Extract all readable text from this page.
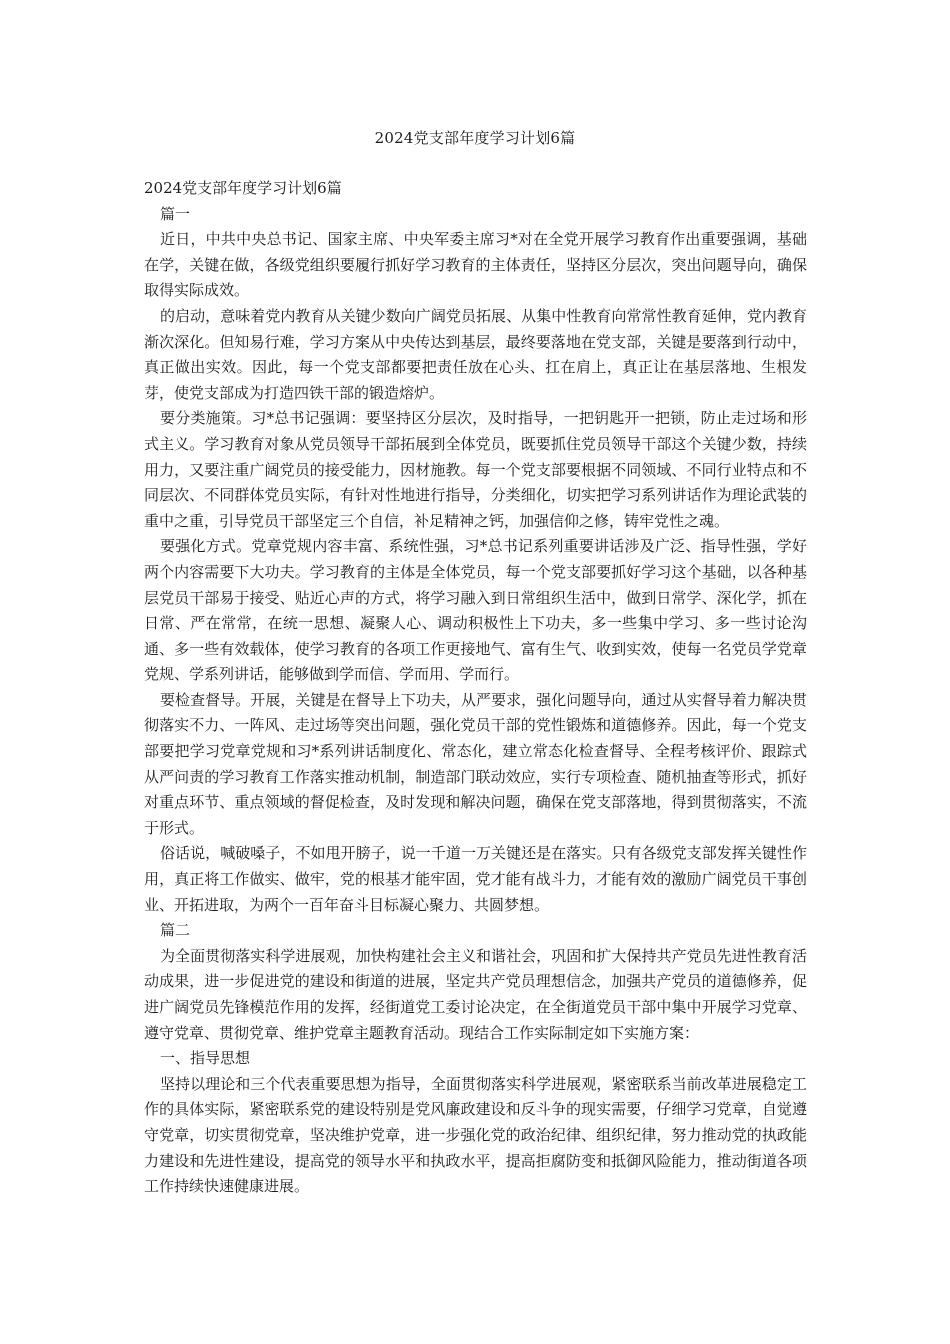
2024党支部年度学习计划6篇

2024党支部年度学习计划6篇

篇一

近日，中共中央总书记、国家主席、中央军委主席习*对在全党开展学习教育作出重要强调，基础在学，关键在做，各级党组织要履行抓好学习教育的主体责任，坚持区分层次，突出问题导向，确保取得实际成效。

的启动，意味着党内教育从关键少数向广阔党员拓展、从集中性教育向常常性教育延伸，党内教育渐次深化。但知易行难，学习方案从中央传达到基层，最终要落地在党支部，关键是要落到行动中，真正做出实效。因此，每一个党支部都要把责任放在心头、扛在肩上，真正让在基层落地、生根发芽，使党支部成为打造四铁干部的锻造熔炉。

要分类施策。习*总书记强调：要坚持区分层次，及时指导，一把钥匙开一把锁，防止走过场和形式主义。学习教育对象从党员领导干部拓展到全体党员，既要抓住党员领导干部这个关键少数，持续用力，又要注重广阔党员的接受能力，因材施教。每一个党支部要根据不同领域、不同行业特点和不同层次、不同群体党员实际，有针对性地进行指导，分类细化，切实把学习系列讲话作为理论武装的重中之重，引导党员干部坚定三个自信，补足精神之钙，加强信仰之修，铸牢党性之魂。

要强化方式。党章党规内容丰富、系统性强，习*总书记系列重要讲话涉及广泛、指导性强，学好两个内容需要下大功夫。学习教育的主体是全体党员，每一个党支部要抓好学习这个基础，以各种基层党员干部易于接受、贴近心声的方式，将学习融入到日常组织生活中，做到日常学、深化学，抓在日常、严在常常，在统一思想、凝聚人心、调动积极性上下功夫，多一些集中学习、多一些讨论沟通、多一些有效载体，使学习教育的各项工作更接地气、富有生气、收到实效，使每一名党员学党章党规、学系列讲话，能够做到学而信、学而用、学而行。

要检查督导。开展，关键是在督导上下功夫，从严要求，强化问题导向，通过从实督导着力解决贯彻落实不力、一阵风、走过场等突出问题，强化党员干部的党性锻炼和道德修养。因此，每一个党支部要把学习党章党规和习*系列讲话制度化、常态化，建立常态化检查督导、全程考核评价、跟踪式从严问责的学习教育工作落实推动机制，制造部门联动效应，实行专项检查、随机抽查等形式，抓好对重点环节、重点领域的督促检查，及时发现和解决问题，确保在党支部落地，得到贯彻落实，不流于形式。

俗话说，喊破嗓子，不如甩开膀子，说一千道一万关键还是在落实。只有各级党支部发挥关键性作用，真正将工作做实、做牢，党的根基才能牢固，党才能有战斗力，才能有效的激励广阔党员干事创业、开拓进取，为两个一百年奋斗目标凝心聚力、共圆梦想。

篇二

为全面贯彻落实科学进展观，加快构建社会主义和谐社会，巩固和扩大保持共产党员先进性教育活动成果，进一步促进党的建设和街道的进展，坚定共产党员理想信念，加强共产党员的道德修养，促进广阔党员先锋模范作用的发挥，经街道党工委讨论决定，在全街道党员干部中集中开展学习党章、遵守党章、贯彻党章、维护党章主题教育活动。现结合工作实际制定如下实施方案：

一、指导思想

坚持以理论和三个代表重要思想为指导，全面贯彻落实科学进展观，紧密联系当前改革进展稳定工作的具体实际，紧密联系党的建设特别是党风廉政建设和反斗争的现实需要，仔细学习党章，自觉遵守党章，切实贯彻党章，坚决维护党章，进一步强化党的政治纪律、组织纪律，努力推动党的执政能力建设和先进性建设，提高党的领导水平和执政水平，提高拒腐防变和抵御风险能力，推动街道各项工作持续快速健康进展。
